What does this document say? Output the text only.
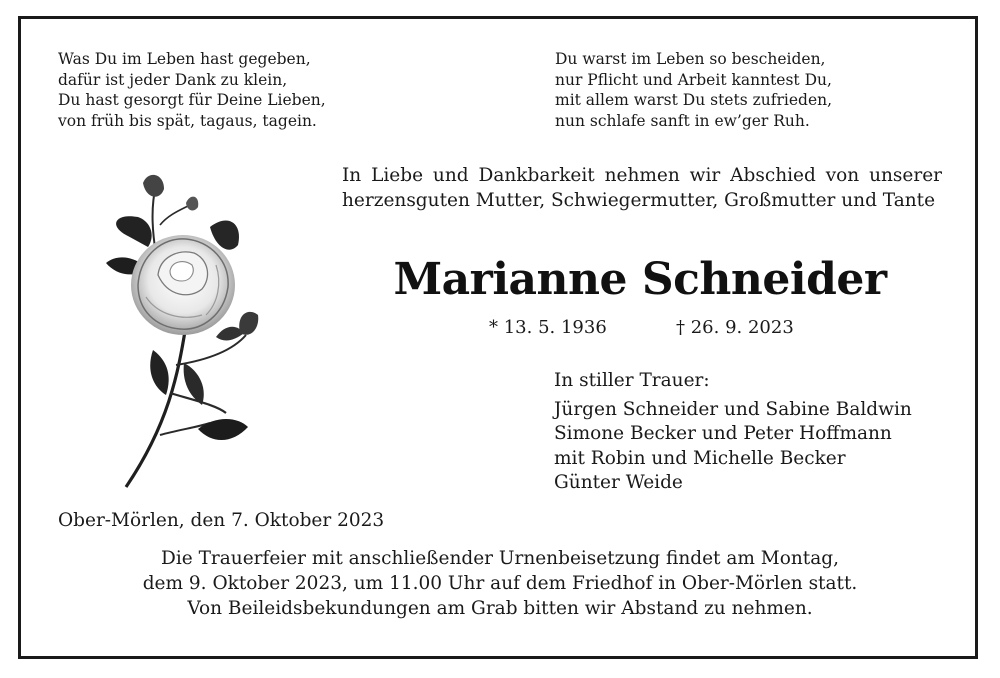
Was Du im Leben hast gegeben,
dafür ist jeder Dank zu klein,
Du hast gesorgt für Deine Lieben,
von früh bis spät, tagaus, tagein.
Du warst im Leben so bescheiden,
nur Pflicht und Arbeit kanntest Du,
mit allem warst Du stets zufrieden,
nun schlafe sanft in ew’ger Ruh.
In Liebe und Dankbarkeit nehmen wir Abschied von unserer herzensguten Mutter, Schwiegermutter, Großmutter und Tante
Marianne Schneider
* 13. 5. 1936	† 26. 9. 2023
In stiller Trauer:
Jürgen Schneider und Sabine Baldwin
Simone Becker und Peter Hoffmann
mit Robin und Michelle Becker
Günter Weide
Ober-Mörlen, den 7. Oktober 2023
Die Trauerfeier mit anschließender Urnenbeisetzung findet am Montag,
dem 9. Oktober 2023, um 11.00 Uhr auf dem Friedhof in Ober-Mörlen statt.
Von Beileidsbekundungen am Grab bitten wir Abstand zu nehmen.
